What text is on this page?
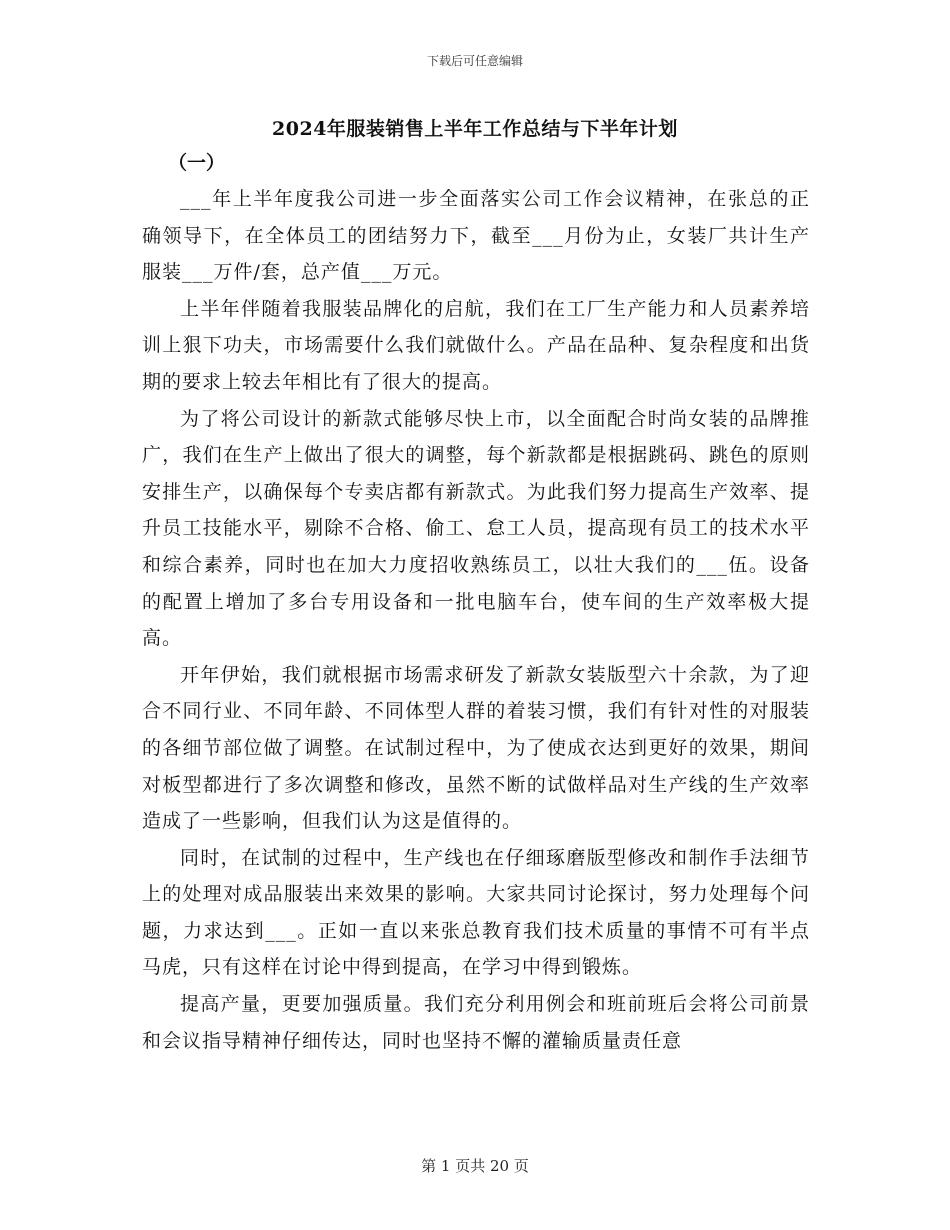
下载后可任意编辑
2024年服装销售上半年工作总结与下半年计划
（一）

___年上半年度我公司进一步全面落实公司工作会议精神，在张总的正确领导下，在全体员工的团结努力下，截至___月份为止，女装厂共计生产服装___万件/套，总产值___万元。

上半年伴随着我服装品牌化的启航，我们在工厂生产能力和人员素养培训上狠下功夫，市场需要什么我们就做什么。产品在品种、复杂程度和出货期的要求上较去年相比有了很大的提高。

为了将公司设计的新款式能够尽快上市，以全面配合时尚女装的品牌推广，我们在生产上做出了很大的调整，每个新款都是根据跳码、跳色的原则安排生产，以确保每个专卖店都有新款式。为此我们努力提高生产效率、提升员工技能水平，剔除不合格、偷工、怠工人员，提高现有员工的技术水平和综合素养，同时也在加大力度招收熟练员工，以壮大我们的___伍。设备的配置上增加了多台专用设备和一批电脑车台，使车间的生产效率极大提高。

开年伊始，我们就根据市场需求研发了新款女装版型六十余款，为了迎合不同行业、不同年龄、不同体型人群的着装习惯，我们有针对性的对服装的各细节部位做了调整。在试制过程中，为了使成衣达到更好的效果，期间对板型都进行了多次调整和修改，虽然不断的试做样品对生产线的生产效率造成了一些影响，但我们认为这是值得的。

同时，在试制的过程中，生产线也在仔细琢磨版型修改和制作手法细节上的处理对成品服装出来效果的影响。大家共同讨论探讨，努力处理每个问题，力求达到___。正如一直以来张总教育我们技术质量的事情不可有半点马虎，只有这样在讨论中得到提高，在学习中得到锻炼。

提高产量，更要加强质量。我们充分利用例会和班前班后会将公司前景和会议指导精神仔细传达，同时也坚持不懈的灌输质量责任意

第 1 页共 20 页
